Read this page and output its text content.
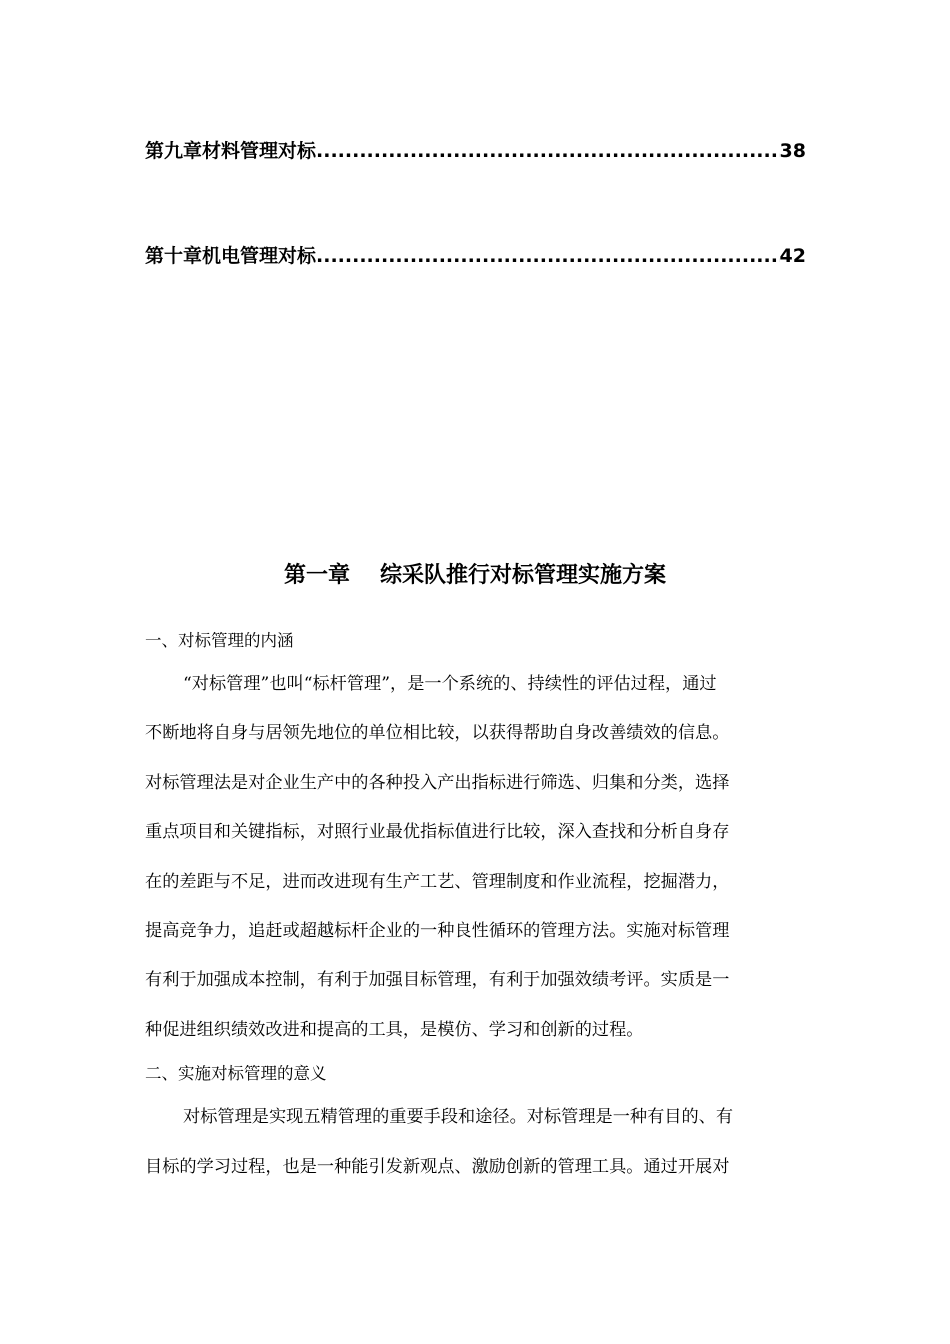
第九章材料管理对标 .....	38
第十章机电管理对标 .....	42
第一章 综采队推行对标管理实施方案

一、对标管理的内涵

“对标管理”也叫“标杆管理”，是一个系统的、持续性的评估过程，通过
不断地将自身与居领先地位的单位相比较，以获得帮助自身改善绩效的信息。
对标管理法是对企业生产中的各种投入产出指标进行筛选、归集和分类，选择
重点项目和关键指标，对照行业最优指标值进行比较，深入查找和分析自身存
在的差距与不足，进而改进现有生产工艺、管理制度和作业流程，挖掘潜力，
提高竞争力，追赶或超越标杆企业的一种良性循环的管理方法。实施对标管理
有利于加强成本控制，有利于加强目标管理，有利于加强效绩考评。实质是一
种促进组织绩效改进和提高的工具，是模仿、学习和创新的过程。

二、实施对标管理的意义

对标管理是实现五精管理的重要手段和途径。对标管理是一种有目的、有
目标的学习过程，也是一种能引发新观点、激励创新的管理工具。通过开展对
